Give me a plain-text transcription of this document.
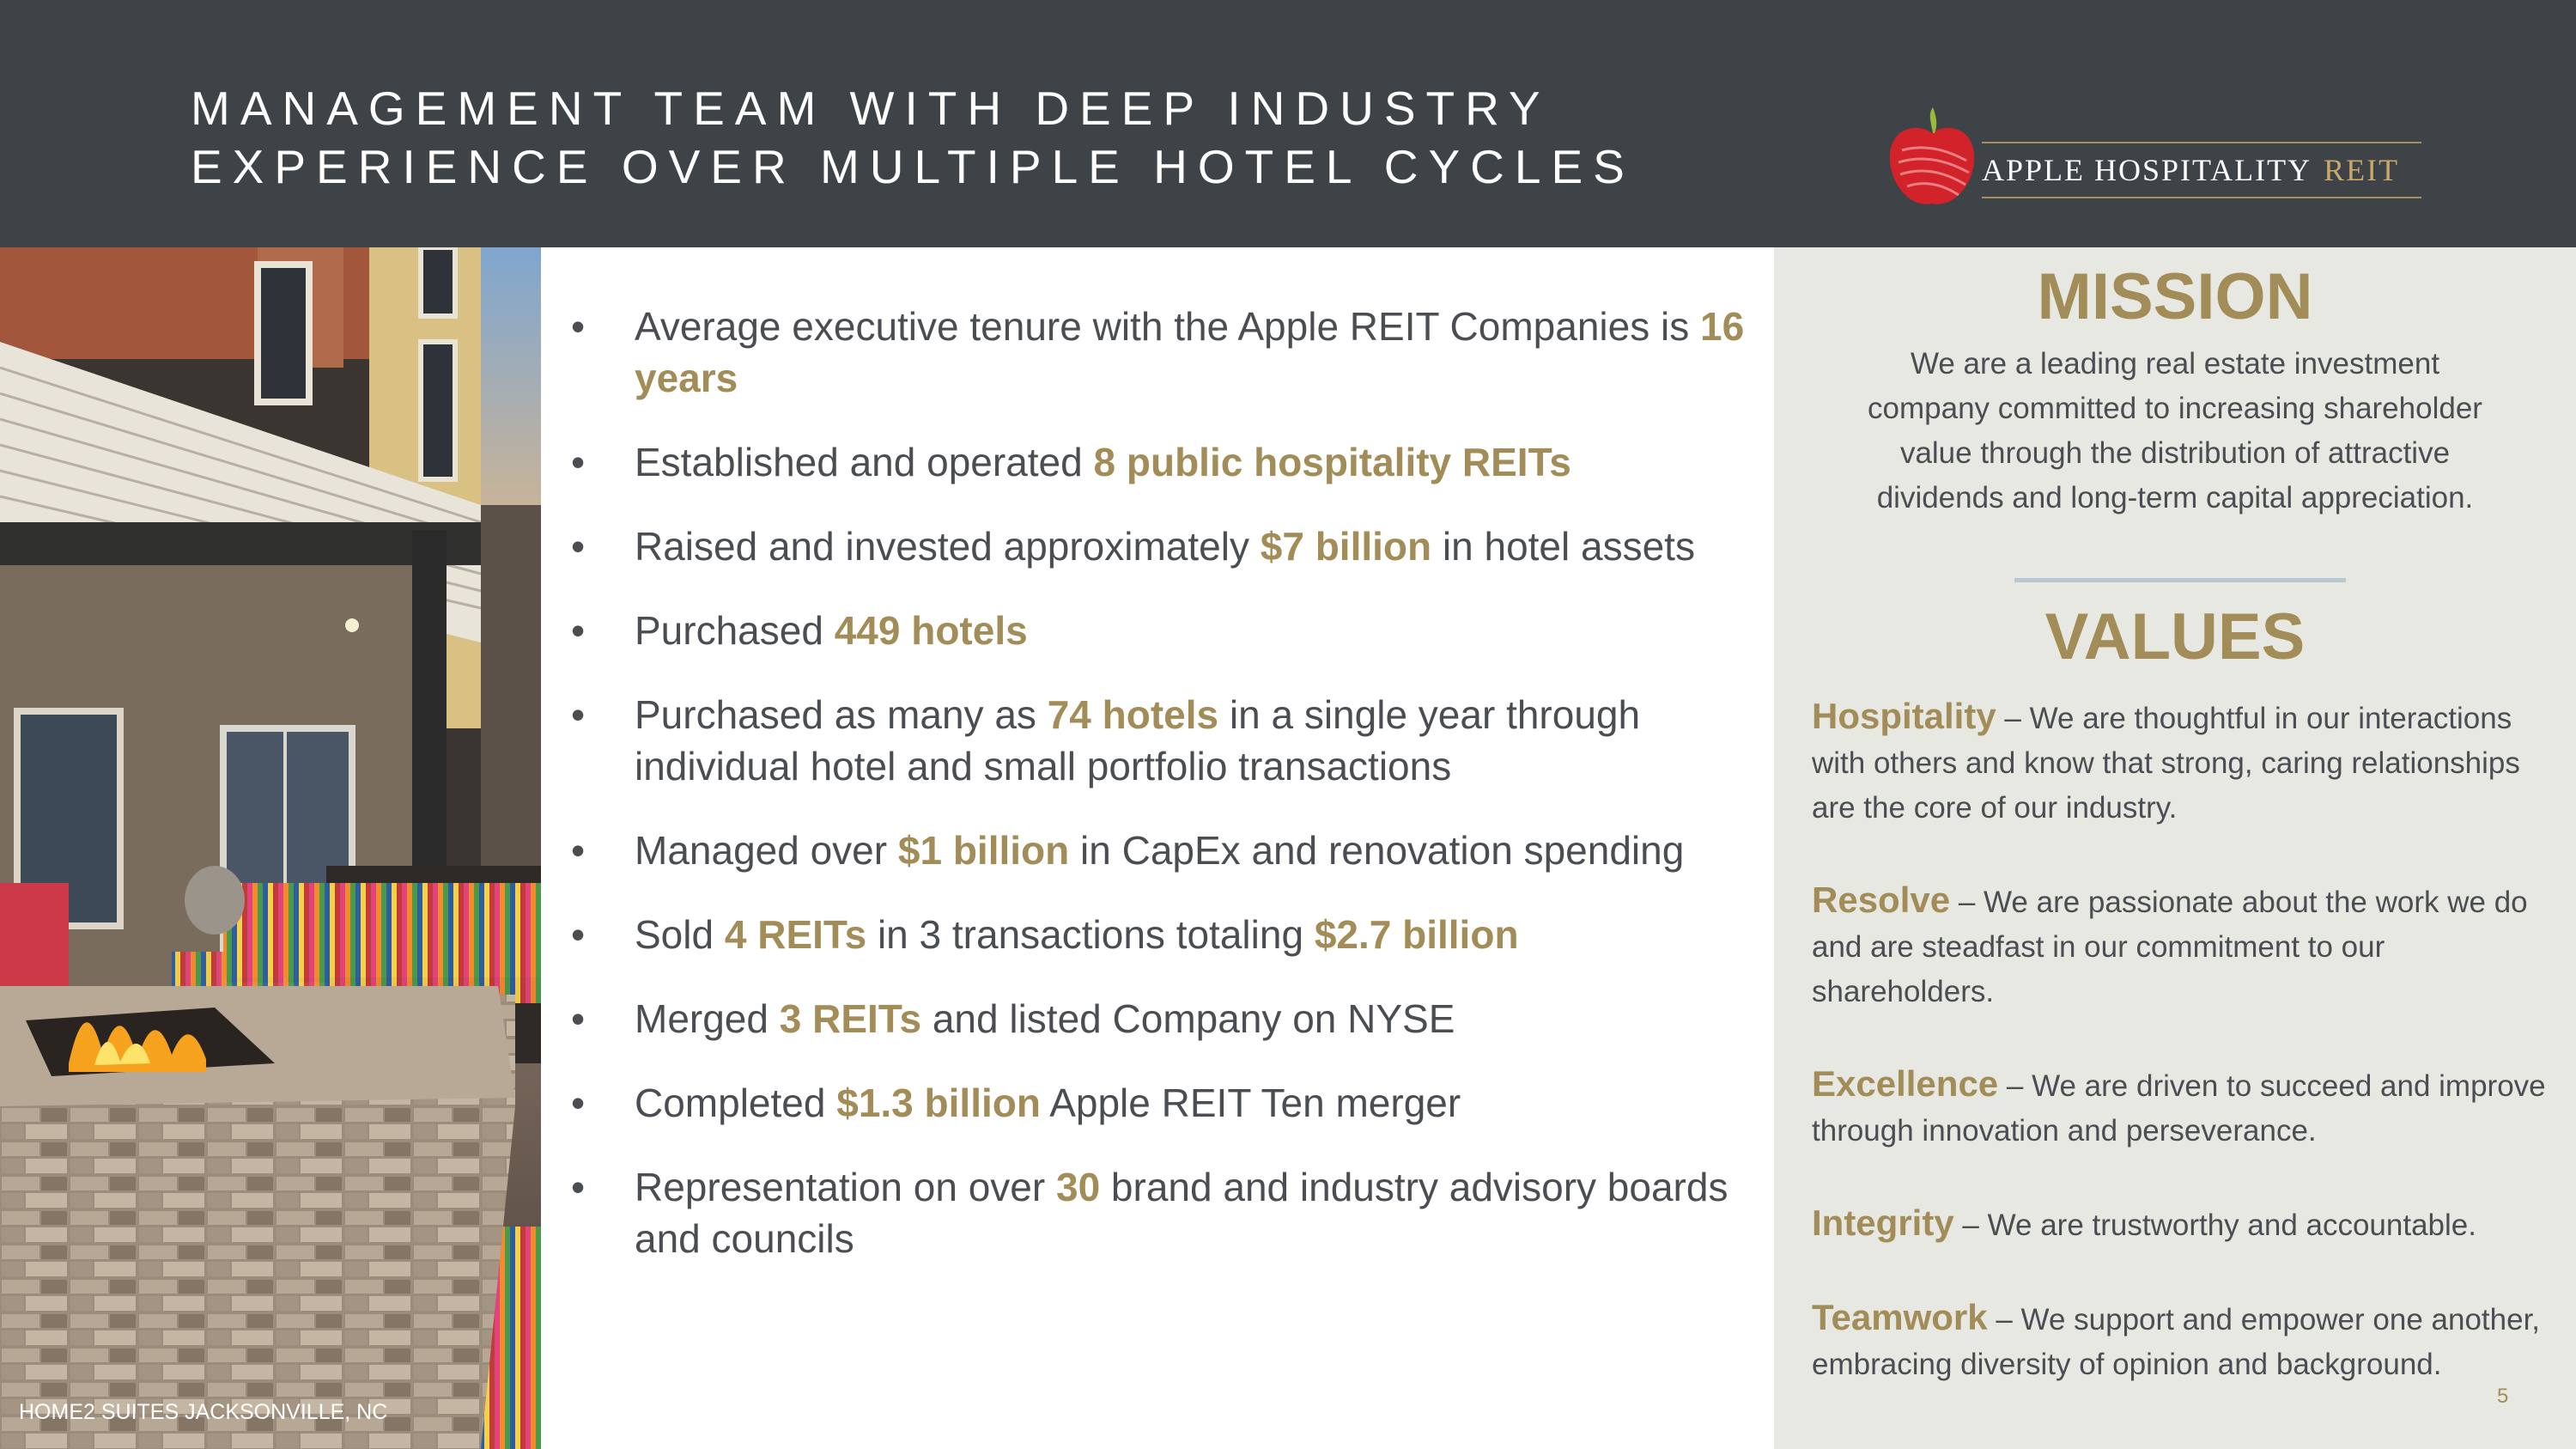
MANAGEMENT TEAM WITH DEEP INDUSTRY
EXPERIENCE OVER MULTIPLE HOTEL CYCLES	APPLE HOSPITALITY REIT
HOME2 SUITES JACKSONVILLE, NC
•	Average executive tenure with the Apple REIT Companies is 16 years
•	Established and operated 8 public hospitality REITs
•	Raised and invested approximately $7 billion in hotel assets
•	Purchased 449 hotels
•	Purchased as many as 74 hotels in a single year through individual hotel and small portfolio transactions
•	Managed over $1 billion in CapEx and renovation spending
•	Sold 4 REITs in 3 transactions totaling $2.7 billion
•	Merged 3 REITs and listed Company on NYSE
•	Completed $1.3 billion Apple REIT Ten merger
•	Representation on over 30 brand and industry advisory boards and councils
MISSION
We are a leading real estate investment company committed to increasing shareholder value through the distribution of attractive dividends and long-term capital appreciation.
VALUES
Hospitality – We are thoughtful in our interactions with others and know that strong, caring relationships are the core of our industry.
Resolve – We are passionate about the work we do and are steadfast in our commitment to our shareholders.
Excellence – We are driven to succeed and improve through innovation and perseverance.
Integrity – We are trustworthy and accountable.
Teamwork – We support and empower one another, embracing diversity of opinion and background.
5
